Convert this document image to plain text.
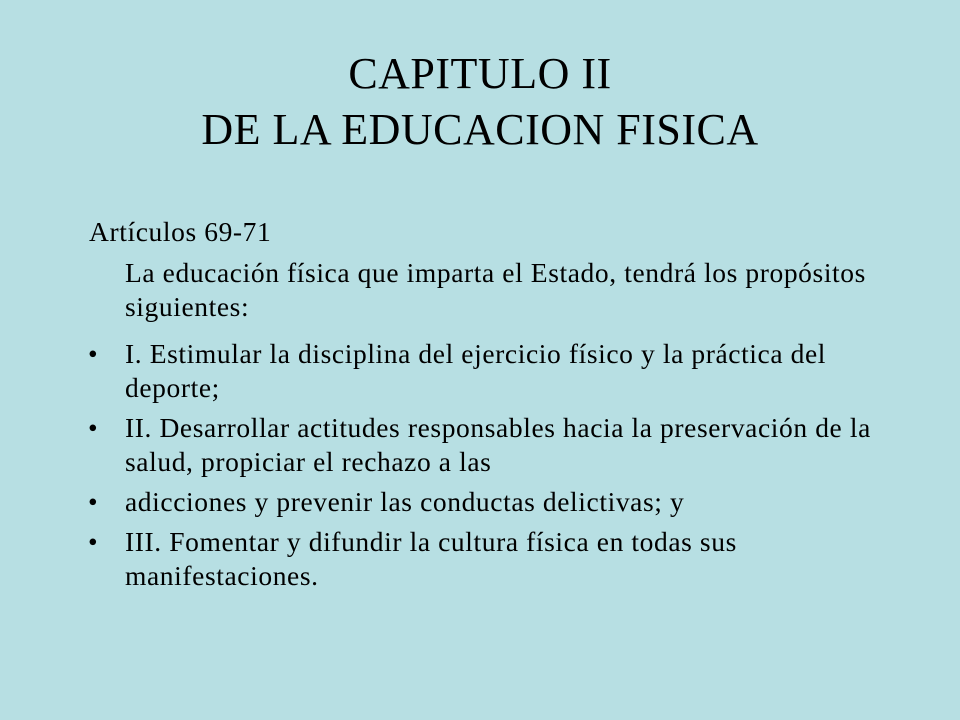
CAPITULO II
DE LA EDUCACION FISICA

Artículos 69-71

La educación física que imparta el Estado, tendrá los propósitos siguientes:

• I. Estimular la disciplina del ejercicio físico y la práctica del deporte;
• II. Desarrollar actitudes responsables hacia la preservación de la salud, propiciar el rechazo a las
• adicciones y prevenir las conductas delictivas; y
• III. Fomentar y difundir la cultura física en todas sus manifestaciones.
